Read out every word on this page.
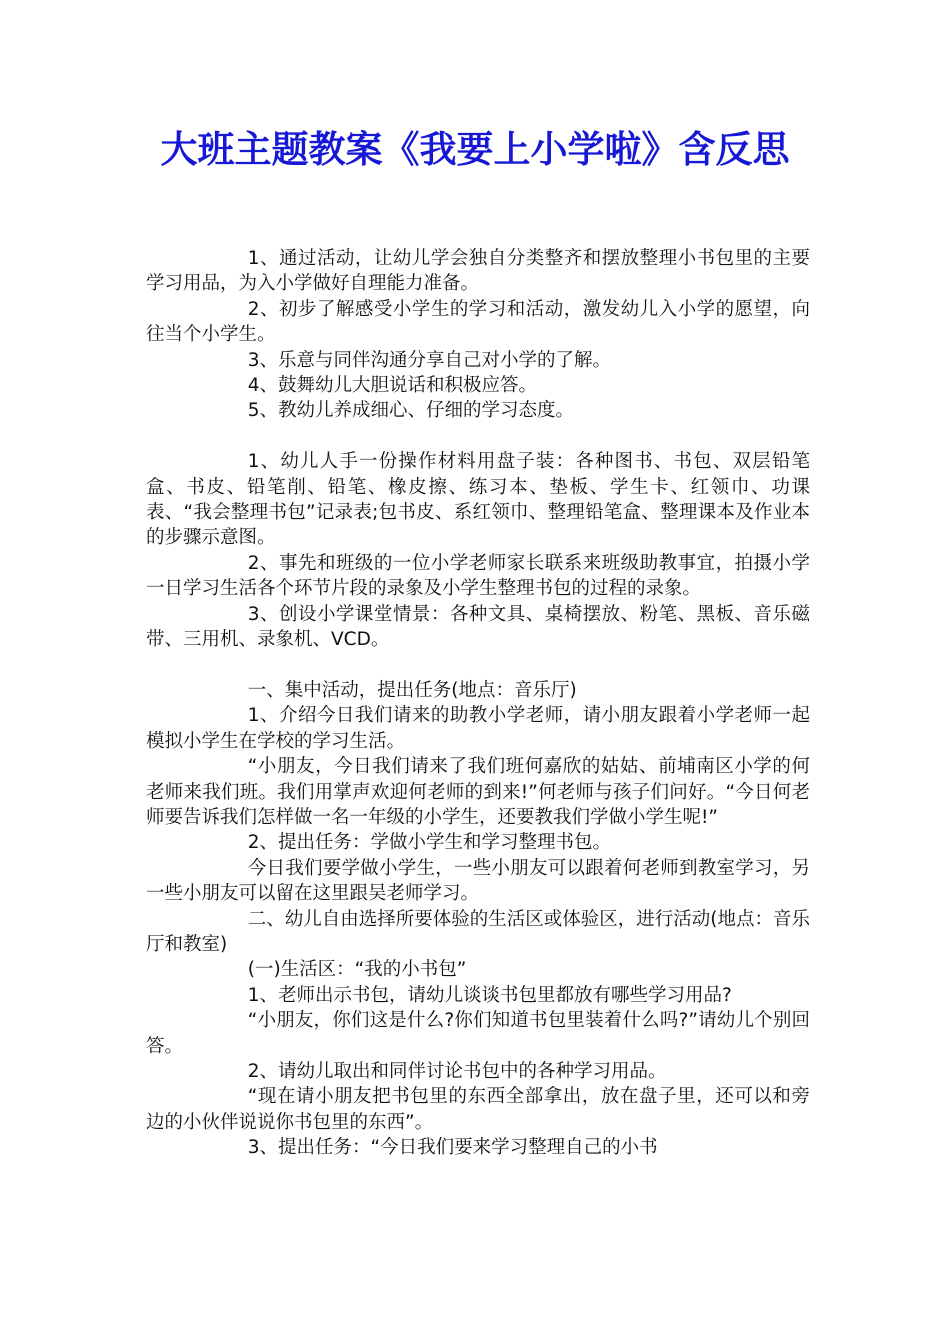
大班主题教案《我要上小学啦》含反思

1、通过活动，让幼儿学会独自分类整齐和摆放整理小书包里的主要学习用品，为入小学做好自理能力准备。

2、初步了解感受小学生的学习和活动，激发幼儿入小学的愿望，向往当个小学生。

3、乐意与同伴沟通分享自己对小学的了解。

4、鼓舞幼儿大胆说话和积极应答。

5、教幼儿养成细心、仔细的学习态度。

1、幼儿人手一份操作材料用盘子装：各种图书、书包、双层铅笔盒、书皮、铅笔削、铅笔、橡皮擦、练习本、垫板、学生卡、红领巾、功课表、“我会整理书包”记录表;包书皮、系红领巾、整理铅笔盒、整理课本及作业本的步骤示意图。

2、事先和班级的一位小学老师家长联系来班级助教事宜，拍摄小学一日学习生活各个环节片段的录象及小学生整理书包的过程的录象。

3、创设小学课堂情景：各种文具、桌椅摆放、粉笔、黑板、音乐磁带、三用机、录象机、VCD。

一、集中活动，提出任务(地点：音乐厅)

1、介绍今日我们请来的助教小学老师，请小朋友跟着小学老师一起模拟小学生在学校的学习生活。

“小朋友，今日我们请来了我们班何嘉欣的姑姑、前埔南区小学的何老师来我们班。我们用掌声欢迎何老师的到来!”何老师与孩子们问好。“今日何老师要告诉我们怎样做一名一年级的小学生，还要教我们学做小学生呢!”

2、提出任务：学做小学生和学习整理书包。

今日我们要学做小学生，一些小朋友可以跟着何老师到教室学习，另一些小朋友可以留在这里跟吴老师学习。

二、幼儿自由选择所要体验的生活区或体验区，进行活动(地点：音乐厅和教室)

(一)生活区：“我的小书包”

1、老师出示书包，请幼儿谈谈书包里都放有哪些学习用品?

“小朋友，你们这是什么?你们知道书包里装着什么吗?”请幼儿个别回答。

2、请幼儿取出和同伴讨论书包中的各种学习用品。

“现在请小朋友把书包里的东西全部拿出，放在盘子里，还可以和旁边的小伙伴说说你书包里的东西”。

3、提出任务：“今日我们要来学习整理自己的小书
